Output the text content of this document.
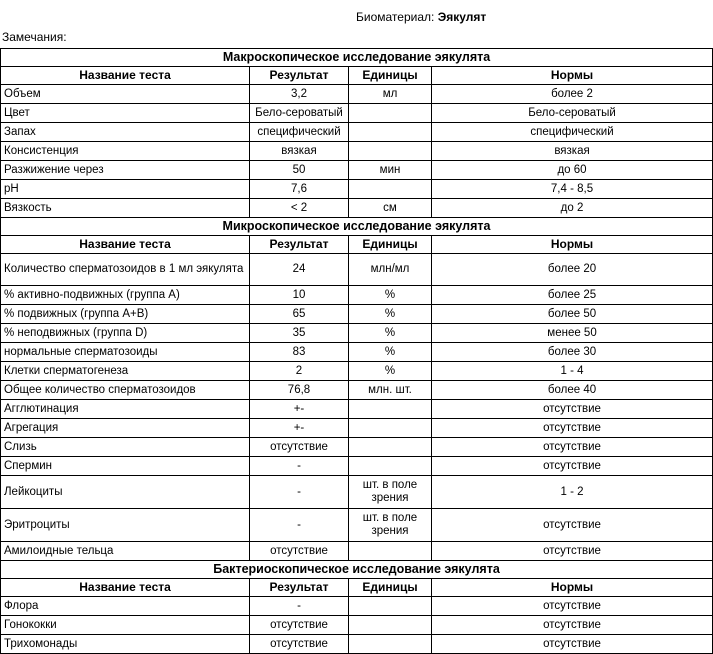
Биоматериал: Эякулят
Замечания:
Макроскопическое исследование эякулята			
Название теста	Результат	Единицы	Нормы
Объем	3,2	мл	более 2
Цвет	Бело-сероватый		Бело-сероватый
Запах	специфический		специфический
Консистенция	вязкая		вязкая
Разжижение через	50	мин	до 60
pH	7,6		7,4 - 8,5
Вязкость	< 2	см	до 2
Микроскопическое исследование эякулята			
Название теста	Результат	Единицы	Нормы
Количество сперматозоидов в 1 мл эякулята	24	млн/мл	более 20
% активно-подвижных (группа А)	10	%	более 25
% подвижных (группа А+В)	65	%	более 50
% неподвижных (группа D)	35	%	менее 50
нормальные сперматозоиды	83	%	более 30
Клетки сперматогенеза	2	%	1 - 4
Общее количество сперматозоидов	76,8	млн. шт.	более 40
Агглютинация	+-		отсутствие
Агрегация	+-		отсутствие
Слизь	отсутствие		отсутствие
Спермин	-		отсутствие
Лейкоциты	-	шт. в поле зрения	1 - 2
Эритроциты	-	шт. в поле зрения	отсутствие
Амилоидные тельца	отсутствие		отсутствие
Бактериоскопическое исследование эякулята			
Название теста	Результат	Единицы	Нормы
Флора	-		отсутствие
Гонококки	отсутствие		отсутствие
Трихомонады	отсутствие		отсутствие
